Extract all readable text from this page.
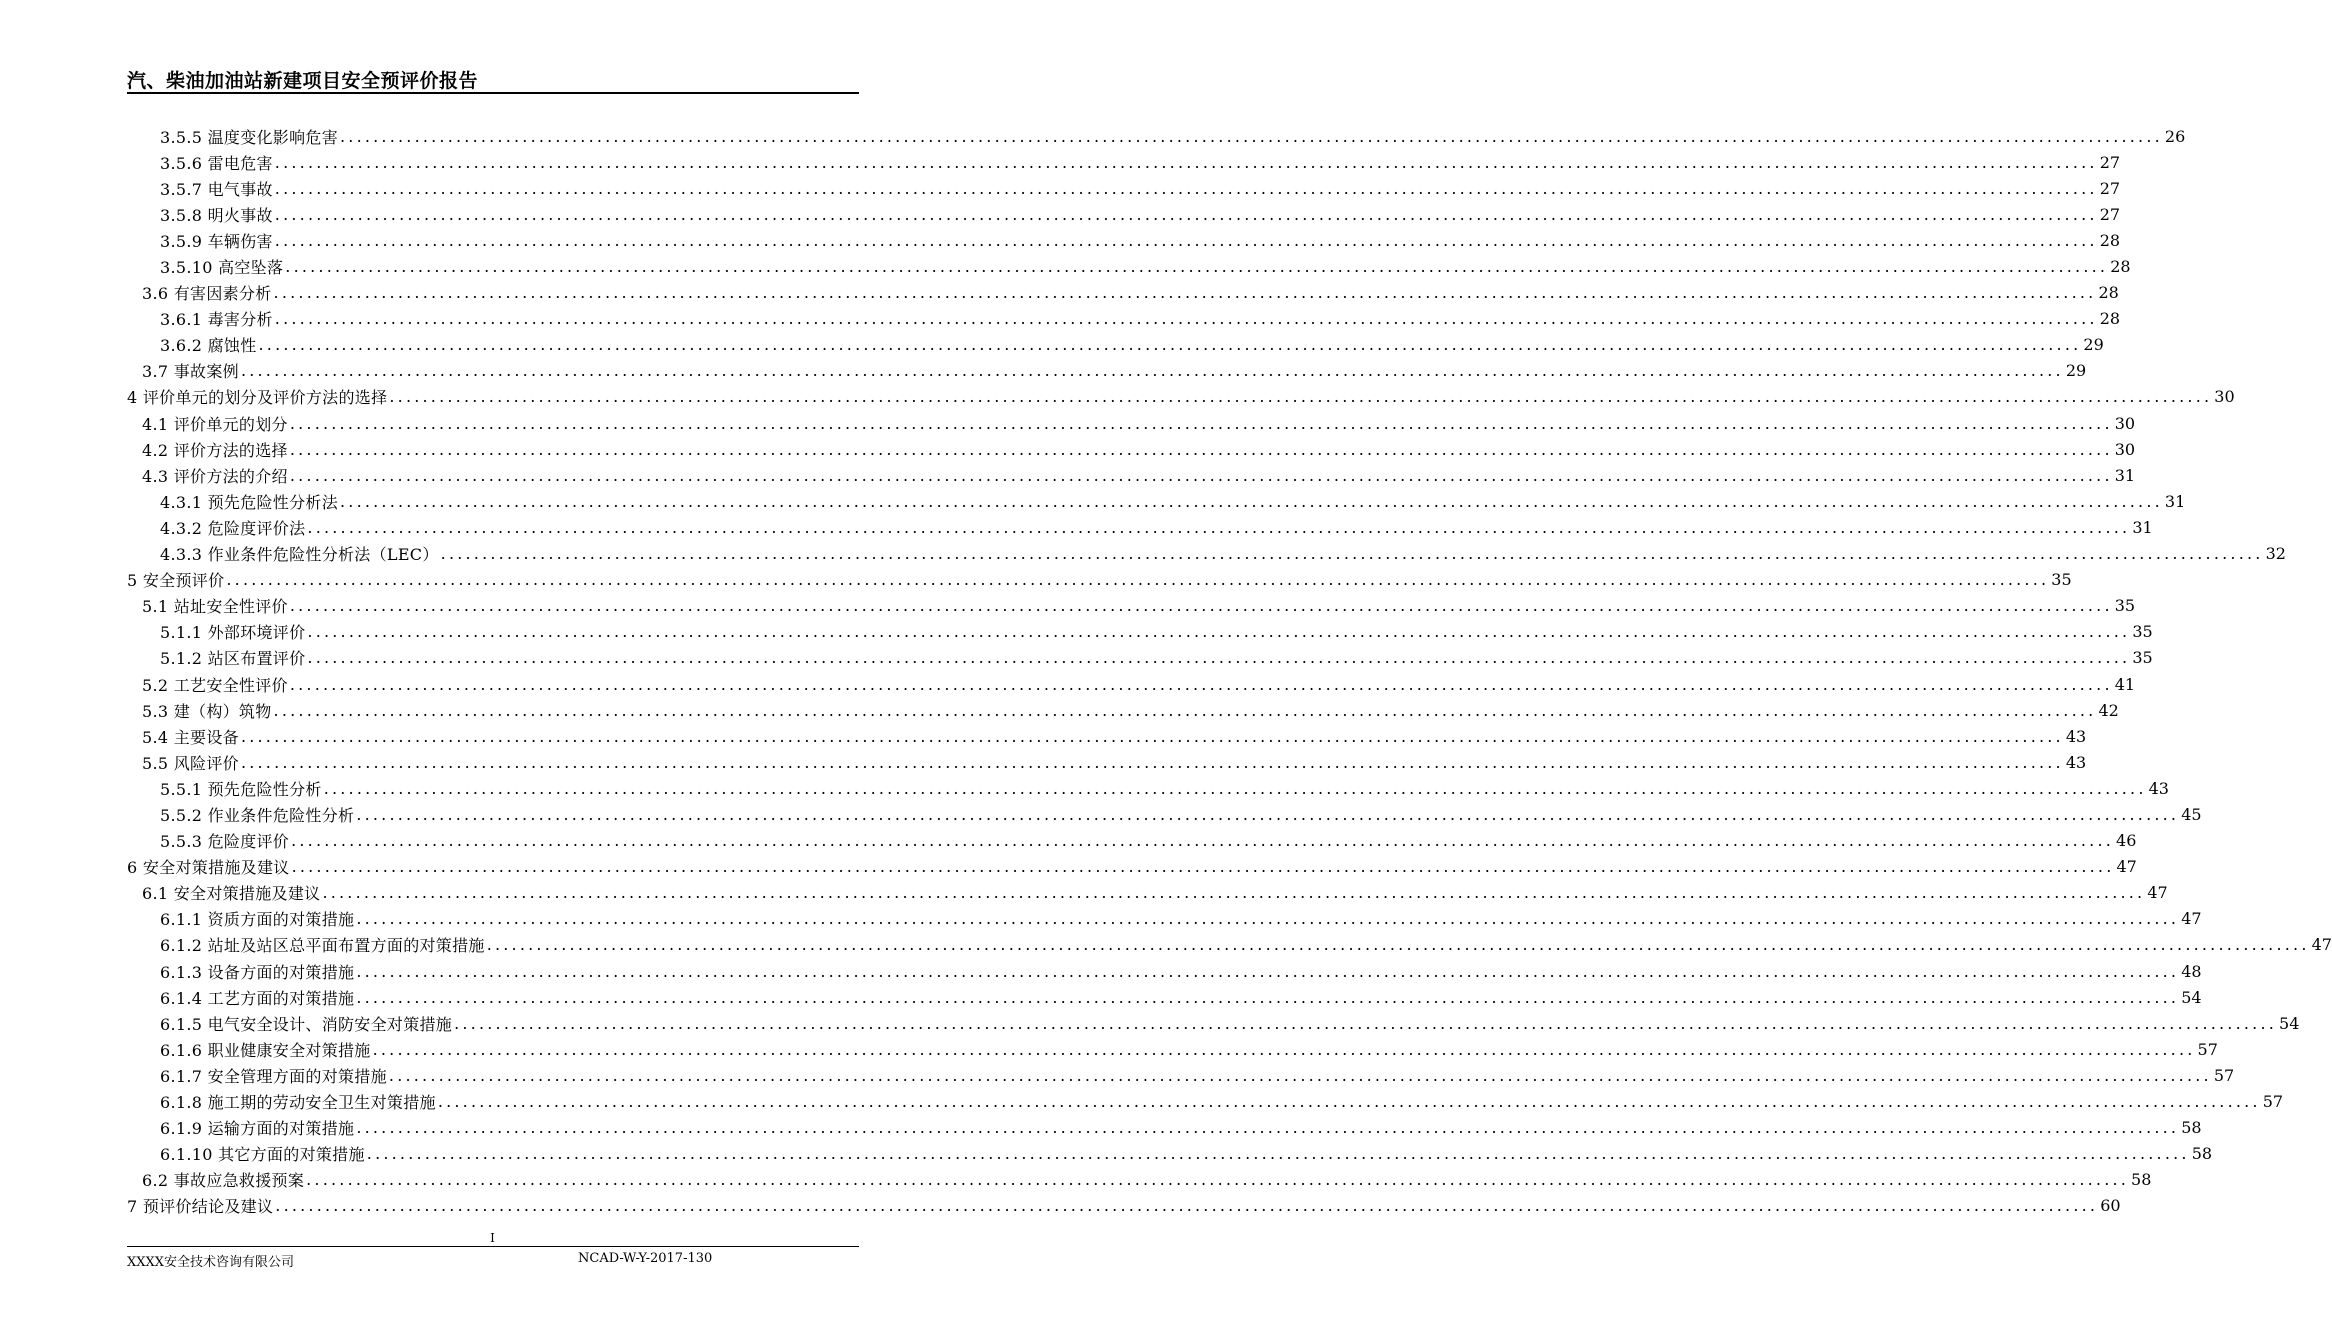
汽、柴油加油站新建项目安全预评价报告
3.5.5 温度变化影响危害 ............................................................................................................................................................................................................................ 26
3.5.6 雷电危害 ............................................................................................................................................................................................................................ 27
3.5.7 电气事故 ............................................................................................................................................................................................................................ 27
3.5.8 明火事故 ............................................................................................................................................................................................................................ 27
3.5.9 车辆伤害 ............................................................................................................................................................................................................................ 28
3.5.10 高空坠落 ............................................................................................................................................................................................................................ 28
3.6 有害因素分析 ............................................................................................................................................................................................................................ 28
3.6.1 毒害分析 ............................................................................................................................................................................................................................ 28
3.6.2 腐蚀性 ............................................................................................................................................................................................................................ 29
3.7 事故案例 ............................................................................................................................................................................................................................ 29
4 评价单元的划分及评价方法的选择 ............................................................................................................................................................................................................................ 30
4.1 评价单元的划分 ............................................................................................................................................................................................................................ 30
4.2 评价方法的选择 ............................................................................................................................................................................................................................ 30
4.3 评价方法的介绍 ............................................................................................................................................................................................................................ 31
4.3.1 预先危险性分析法 ............................................................................................................................................................................................................................ 31
4.3.2 危险度评价法 ............................................................................................................................................................................................................................ 31
4.3.3 作业条件危险性分析法（LEC） ............................................................................................................................................................................................................................ 32
5 安全预评价 ............................................................................................................................................................................................................................ 35
5.1 站址安全性评价 ............................................................................................................................................................................................................................ 35
5.1.1 外部环境评价 ............................................................................................................................................................................................................................ 35
5.1.2 站区布置评价 ............................................................................................................................................................................................................................ 35
5.2 工艺安全性评价 ............................................................................................................................................................................................................................ 41
5.3 建（构）筑物 ............................................................................................................................................................................................................................ 42
5.4 主要设备 ............................................................................................................................................................................................................................ 43
5.5 风险评价 ............................................................................................................................................................................................................................ 43
5.5.1 预先危险性分析 ............................................................................................................................................................................................................................ 43
5.5.2 作业条件危险性分析 ............................................................................................................................................................................................................................ 45
5.5.3 危险度评价 ............................................................................................................................................................................................................................ 46
6 安全对策措施及建议 ............................................................................................................................................................................................................................ 47
6.1 安全对策措施及建议 ............................................................................................................................................................................................................................ 47
6.1.1 资质方面的对策措施 ............................................................................................................................................................................................................................ 47
6.1.2 站址及站区总平面布置方面的对策措施 ............................................................................................................................................................................................................................ 47
6.1.3 设备方面的对策措施 ............................................................................................................................................................................................................................ 48
6.1.4 工艺方面的对策措施 ............................................................................................................................................................................................................................ 54
6.1.5 电气安全设计、消防安全对策措施 ............................................................................................................................................................................................................................ 54
6.1.6 职业健康安全对策措施 ............................................................................................................................................................................................................................ 57
6.1.7 安全管理方面的对策措施 ............................................................................................................................................................................................................................ 57
6.1.8 施工期的劳动安全卫生对策措施 ............................................................................................................................................................................................................................ 57
6.1.9 运输方面的对策措施 ............................................................................................................................................................................................................................ 58
6.1.10 其它方面的对策措施 ............................................................................................................................................................................................................................ 58
6.2 事故应急救援预案 ............................................................................................................................................................................................................................ 58
7 预评价结论及建议 ............................................................................................................................................................................................................................ 60
I
XXXX安全技术咨询有限公司	NCAD-W-Y-2017-130
